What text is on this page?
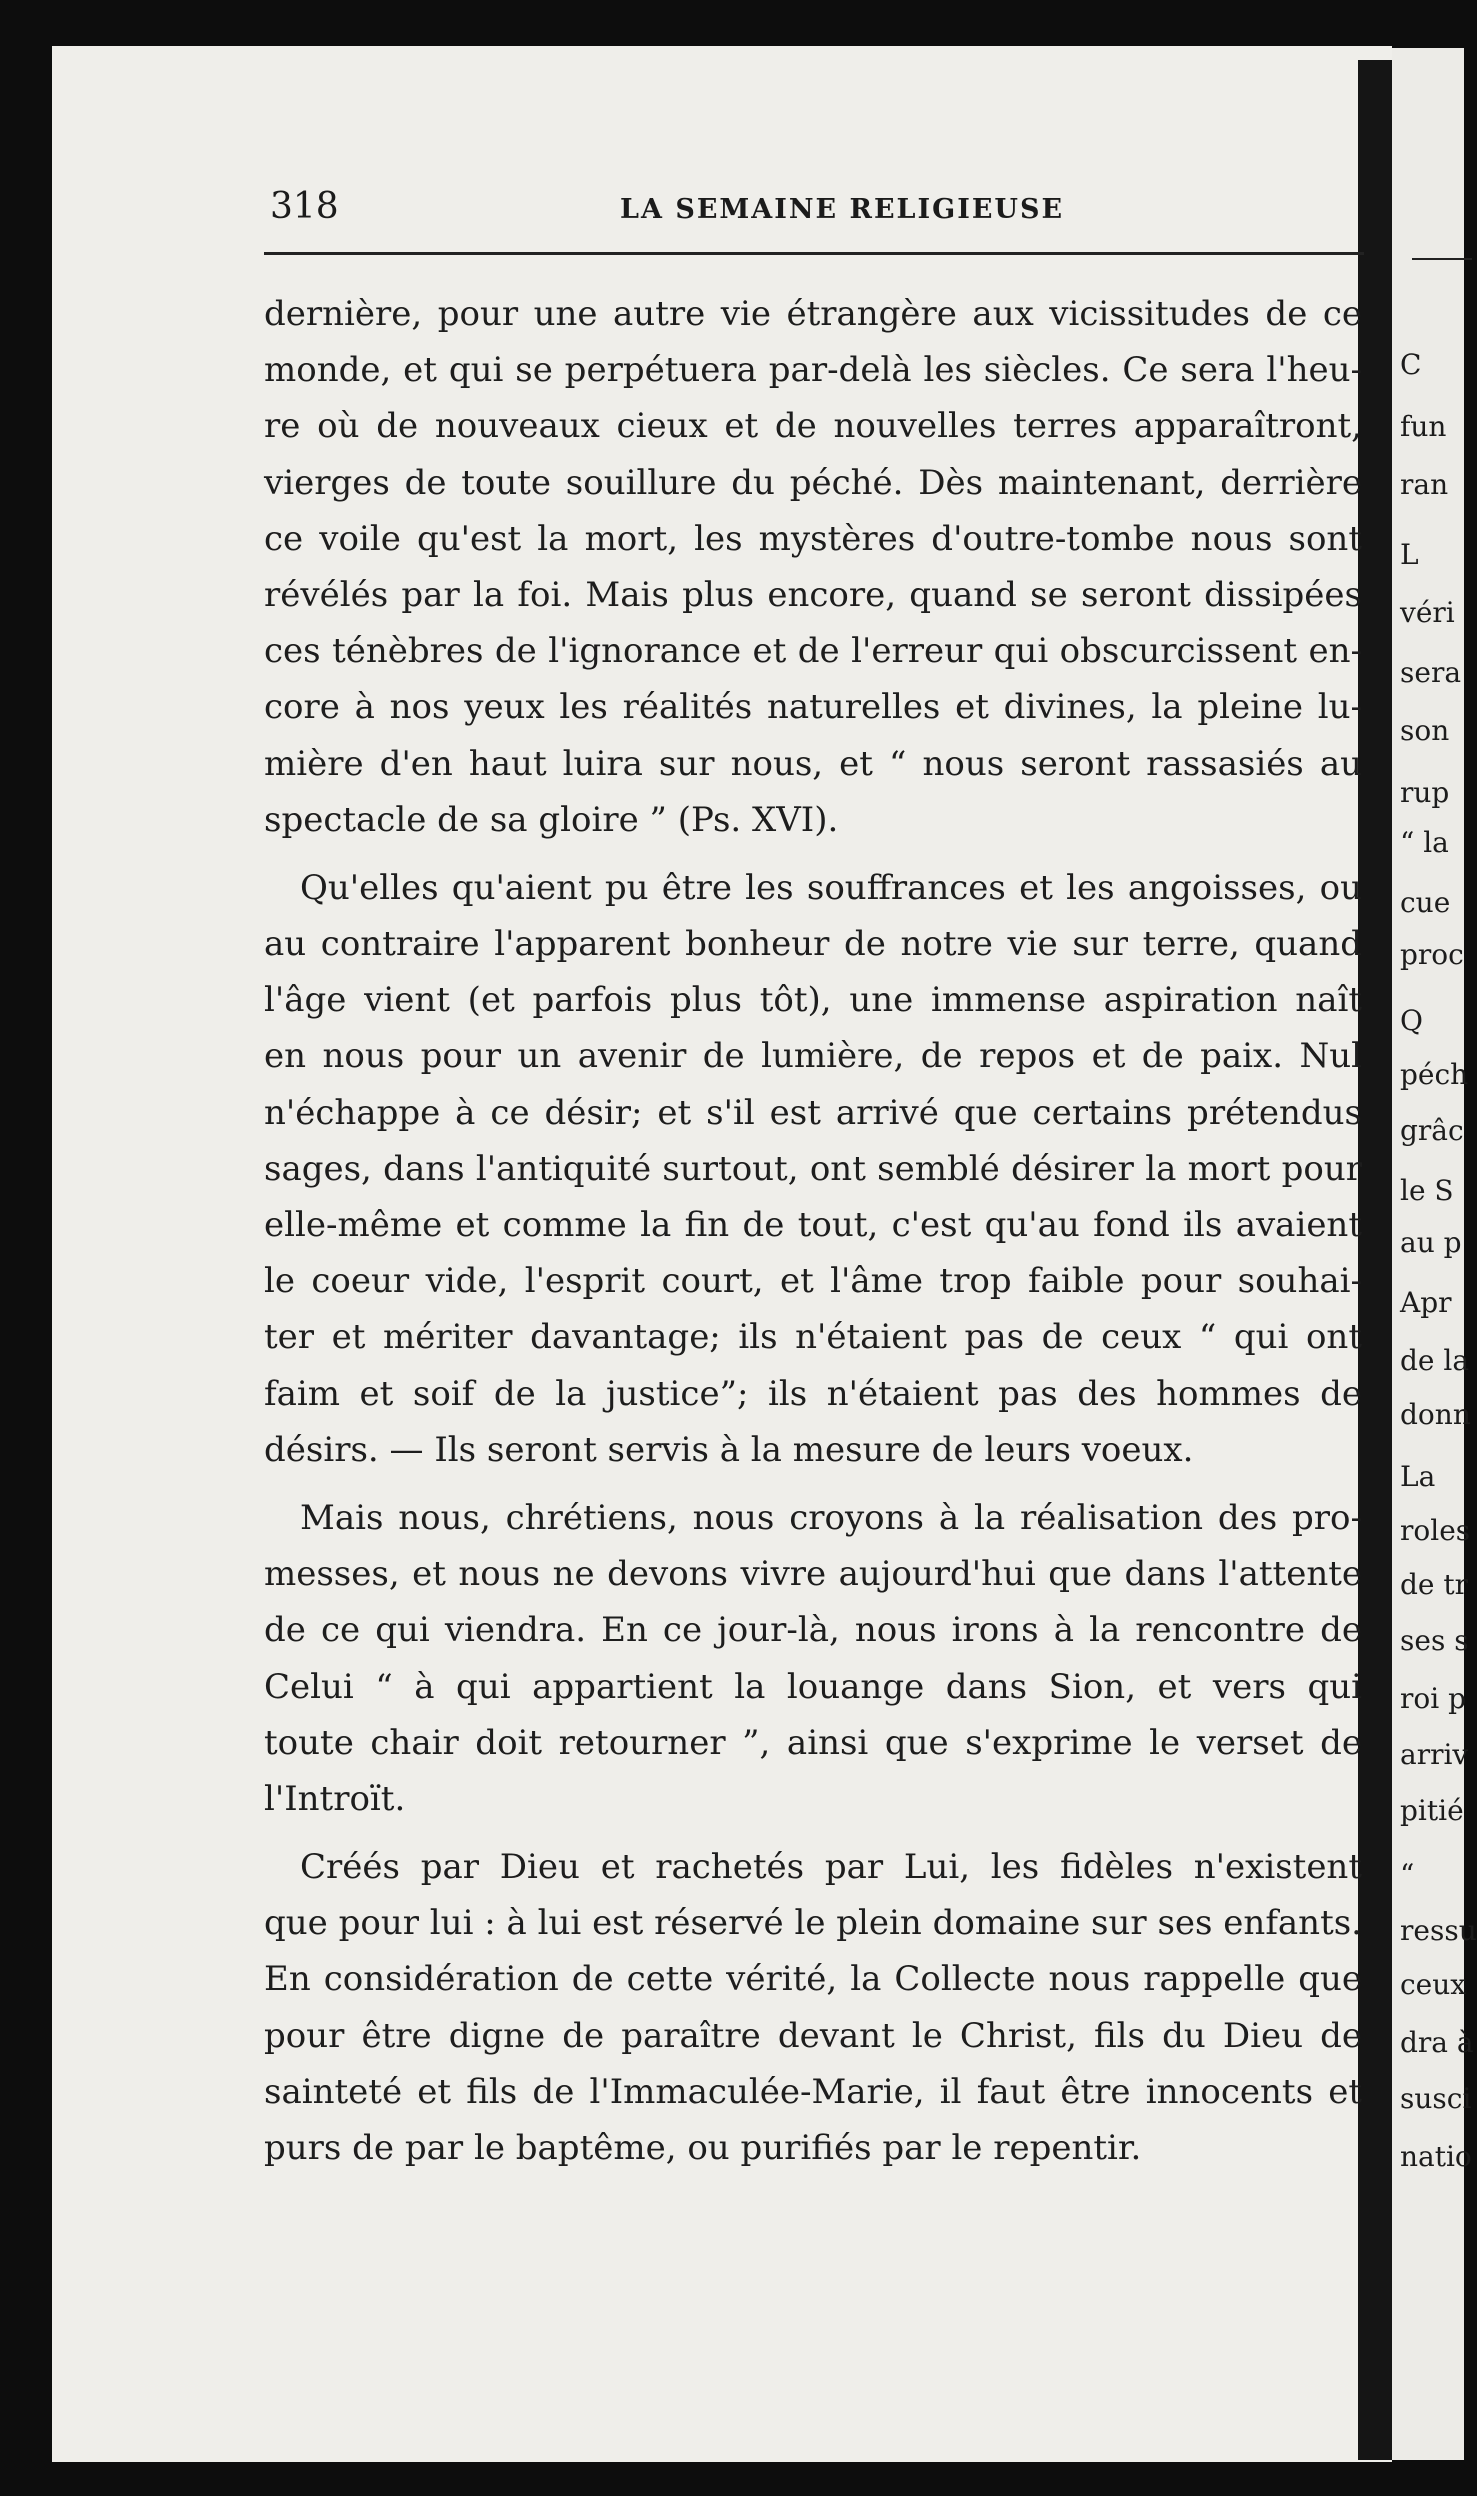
C
fun
ran
L
véri
sera
son
rup
“ la
cue
proc
Q
péch
grâc
le S
au p
Apr
de la
donn
La
roles
de tr
ses s
roi p
arriv
pitié
“
ressu
ceux
dra à
susci
natio
318	LA SEMAINE RELIGIEUSE
dernière, pour une autre vie étrangère aux vicissitudes de ce
monde, et qui se perpétuera par-delà les siècles. Ce sera l'heu-
re où de nouveaux cieux et de nouvelles terres apparaîtront,
vierges de toute souillure du péché. Dès maintenant, derrière
ce voile qu'est la mort, les mystères d'outre-tombe nous sont
révélés par la foi. Mais plus encore, quand se seront dissipées
ces ténèbres de l'ignorance et de l'erreur qui obscurcissent en-
core à nos yeux les réalités naturelles et divines, la pleine lu-
mière d'en haut luira sur nous, et “ nous seront rassasiés au
spectacle de sa gloire ” (Ps. XVI).
Qu'elles qu'aient pu être les souffrances et les angoisses, ou
au contraire l'apparent bonheur de notre vie sur terre, quand
l'âge vient (et parfois plus tôt), une immense aspiration naît
en nous pour un avenir de lumière, de repos et de paix. Nul
n'échappe à ce désir; et s'il est arrivé que certains prétendus
sages, dans l'antiquité surtout, ont semblé désirer la mort pour
elle-même et comme la fin de tout, c'est qu'au fond ils avaient
le coeur vide, l'esprit court, et l'âme trop faible pour souhai-
ter et mériter davantage; ils n'étaient pas de ceux “ qui ont
faim et soif de la justice”; ils n'étaient pas des hommes de
désirs. — Ils seront servis à la mesure de leurs voeux.
Mais nous, chrétiens, nous croyons à la réalisation des pro-
messes, et nous ne devons vivre aujourd'hui que dans l'attente
de ce qui viendra. En ce jour-là, nous irons à la rencontre de
Celui “ à qui appartient la louange dans Sion, et vers qui
toute chair doit retourner ”, ainsi que s'exprime le verset de
l'Introït.
Créés par Dieu et rachetés par Lui, les fidèles n'existent
que pour lui : à lui est réservé le plein domaine sur ses enfants.
En considération de cette vérité, la Collecte nous rappelle que
pour être digne de paraître devant le Christ, fils du Dieu de
sainteté et fils de l'Immaculée-Marie, il faut être innocents et
purs de par le baptême, ou purifiés par le repentir.
